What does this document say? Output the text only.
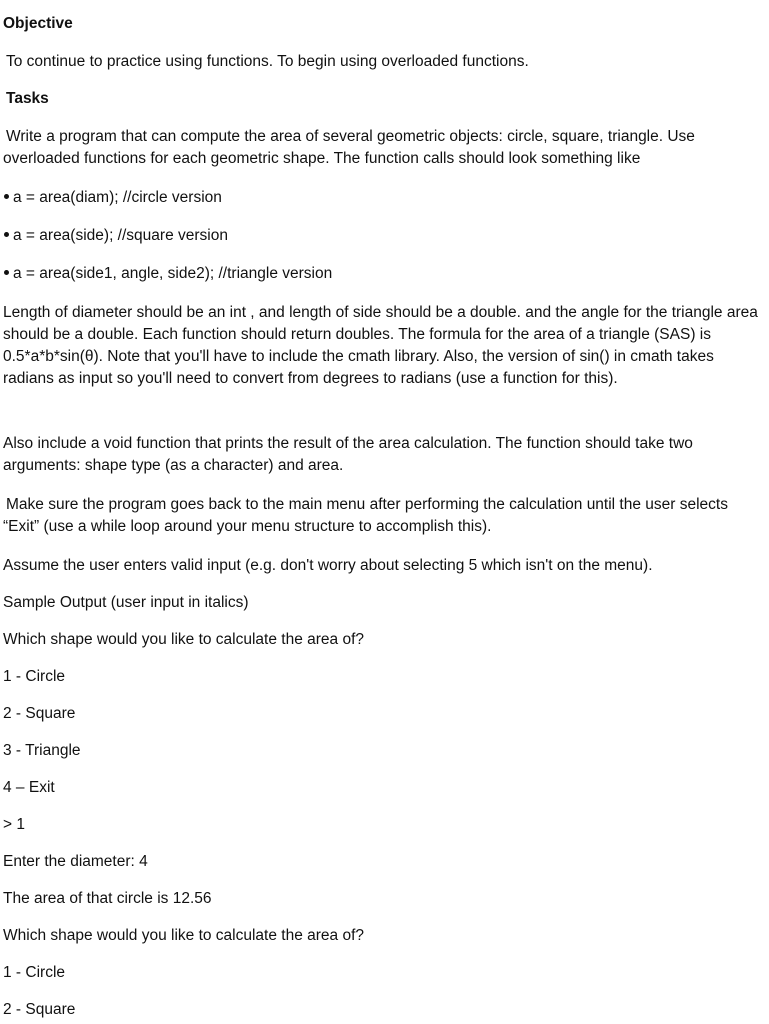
Objective
To continue to practice using functions. To begin using overloaded functions.
Tasks
Write a program that can compute the area of several geometric objects: circle, square, triangle. Use overloaded functions for each geometric shape. The function calls should look something like
a = area(diam); //circle version
a = area(side); //square version
a = area(side1, angle, side2); //triangle version
Length of diameter should be an int , and length of side should be a double. and the angle for the triangle area should be a double. Each function should return doubles. The formula for the area of a triangle (SAS) is 0.5*a*b*sin(θ). Note that you'll have to include the cmath library. Also, the version of sin() in cmath takes radians as input so you'll need to convert from degrees to radians (use a function for this).
Also include a void function that prints the result of the area calculation. The function should take two arguments: shape type (as a character) and area.
Make sure the program goes back to the main menu after performing the calculation until the user selects “Exit” (use a while loop around your menu structure to accomplish this).
Assume the user enters valid input (e.g. don't worry about selecting 5 which isn't on the menu).
Sample Output (user input in italics)
Which shape would you like to calculate the area of?
1 - Circle
2 - Square
3 - Triangle
4 – Exit
> 1
Enter the diameter: 4
The area of that circle is 12.56
Which shape would you like to calculate the area of?
1 - Circle
2 - Square
